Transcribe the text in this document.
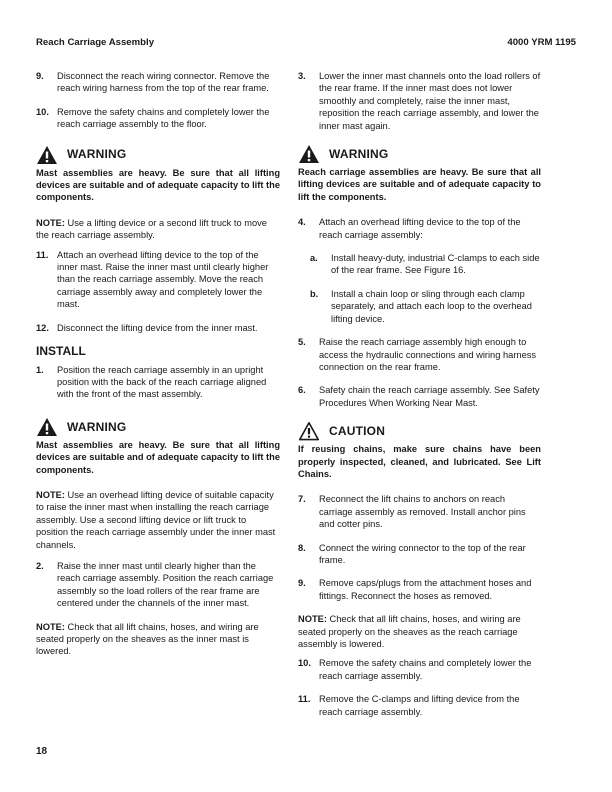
Reach Carriage Assembly	4000 YRM 1195
9. Disconnect the reach wiring connector. Remove the reach wiring harness from the top of the rear frame.
10. Remove the safety chains and completely lower the reach carriage assembly to the floor.
WARNING
Mast assemblies are heavy. Be sure that all lifting devices are suitable and of adequate capacity to lift the components.
NOTE: Use a lifting device or a second lift truck to move the reach carriage assembly.
11. Attach an overhead lifting device to the top of the inner mast. Raise the inner mast until clearly higher than the reach carriage assembly. Move the reach carriage assembly away and completely lower the mast.
12. Disconnect the lifting device from the inner mast.
INSTALL
1. Position the reach carriage assembly in an upright position with the back of the reach carriage aligned with the front of the mast assembly.
WARNING
Mast assemblies are heavy. Be sure that all lifting devices are suitable and of adequate capacity to lift the components.
NOTE: Use an overhead lifting device of suitable capacity to raise the inner mast when installing the reach carriage assembly. Use a second lifting device or lift truck to position the reach carriage assembly under the inner mast channels.
2. Raise the inner mast until clearly higher than the reach carriage assembly. Position the reach carriage assembly so the load rollers of the rear frame are centered under the channels of the inner mast.
NOTE: Check that all lift chains, hoses, and wiring are seated properly on the sheaves as the inner mast is lowered.
3. Lower the inner mast channels onto the load rollers of the rear frame. If the inner mast does not lower smoothly and completely, raise the inner mast, reposition the reach carriage assembly, and lower the inner mast again.
WARNING
Reach carriage assemblies are heavy. Be sure that all lifting devices are suitable and of adequate capacity to lift the components.
4. Attach an overhead lifting device to the top of the reach carriage assembly:
a. Install heavy-duty, industrial C-clamps to each side of the rear frame. See Figure 16.
b. Install a chain loop or sling through each clamp separately, and attach each loop to the overhead lifting device.
5. Raise the reach carriage assembly high enough to access the hydraulic connections and wiring harness connection on the rear frame.
6. Safety chain the reach carriage assembly. See Safety Procedures When Working Near Mast.
CAUTION
If reusing chains, make sure chains have been properly inspected, cleaned, and lubricated. See Lift Chains.
7. Reconnect the lift chains to anchors on reach carriage assembly as removed. Install anchor pins and cotter pins.
8. Connect the wiring connector to the top of the rear frame.
9. Remove caps/plugs from the attachment hoses and fittings. Reconnect the hoses as removed.
NOTE: Check that all lift chains, hoses, and wiring are seated properly on the sheaves as the reach carriage assembly is lowered.
10. Remove the safety chains and completely lower the reach carriage assembly.
11. Remove the C-clamps and lifting device from the reach carriage assembly.
18
